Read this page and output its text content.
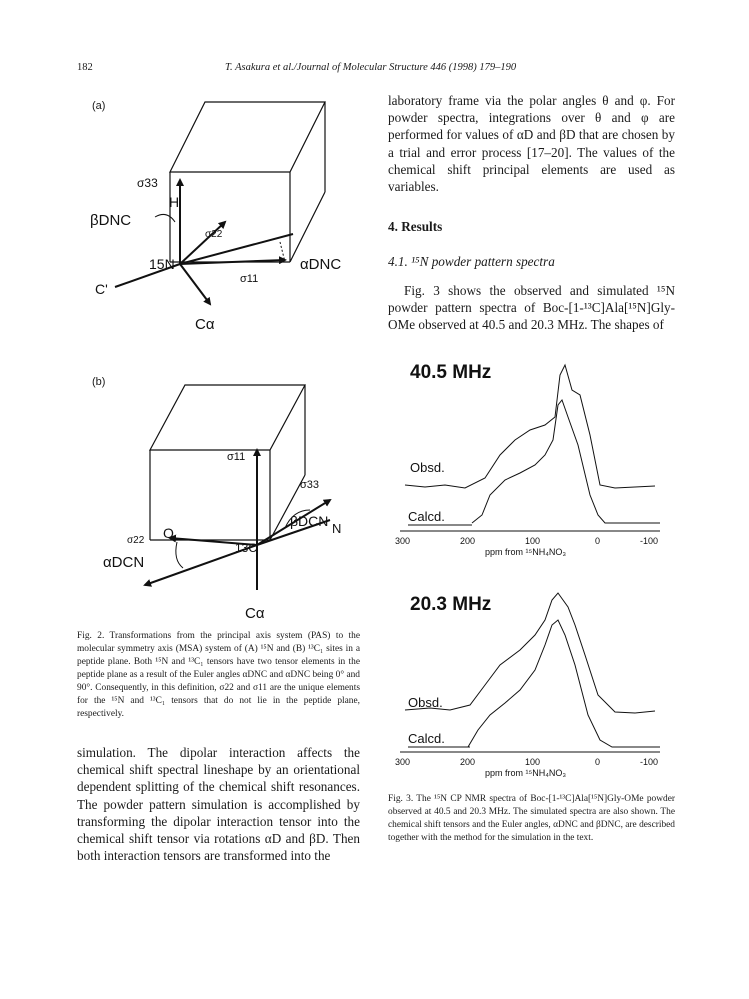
182	T. Asakura et al./Journal of Molecular Structure 446 (1998) 179–190
(a)
σ33
H
βDNC
σ22
15N	αDNC
σ11
C'
Cα
(b)
σ11
σ33
βDCN N
O
σ22
13C
αDCN
Cα
Fig. 2. Transformations from the principal axis system (PAS) to the molecular symmetry axis (MSA) system of (A) ¹⁵N and (B) ¹³C₁ sites in a peptide plane. Both ¹⁵N and ¹³C₁ tensors have two tensor elements in the peptide plane as a result of the Euler angles αDNC and αDNC being 0° and 90°. Consequently, in this definition, σ22 and σ11 are the unique elements for the ¹⁵N and ¹³C₁ tensors that do not lie in the peptide plane, respectively.

simulation. The dipolar interaction affects the chemical shift spectral lineshape by an orientational dependent splitting of the chemical shift resonances. The powder pattern simulation is accomplished by transforming the dipolar interaction tensor into the chemical shift tensor via rotations αD and βD. Then both interaction tensors are transformed into the

laboratory frame via the polar angles θ and φ. For powder spectra, integrations over θ and φ are performed for values of αD and βD that are chosen by a trial and error process [17–20]. The values of the chemical shift principal elements are used as variables.

4. Results
4.1. ¹⁵N powder pattern spectra

Fig. 3 shows the observed and simulated ¹⁵N powder pattern spectra of Boc-[1-¹³C]Ala[¹⁵N]Gly-OMe observed at 40.5 and 20.3 MHz. The shapes of

40.5 MHz
Obsd.
Calcd.
300	200	100	0	-100
ppm from ¹⁵NH₄NO₃
20.3 MHz
Obsd.
Calcd.
300	200	100	0	-100
ppm from ¹⁵NH₄NO₃
Fig. 3. The ¹⁵N CP NMR spectra of Boc-[1-¹³C]Ala[¹⁵N]Gly-OMe powder observed at 40.5 and 20.3 MHz. The simulated spectra are also shown. The chemical shift tensors and the Euler angles, αDNC and βDNC, are described together with the method for the simulation in the text.
